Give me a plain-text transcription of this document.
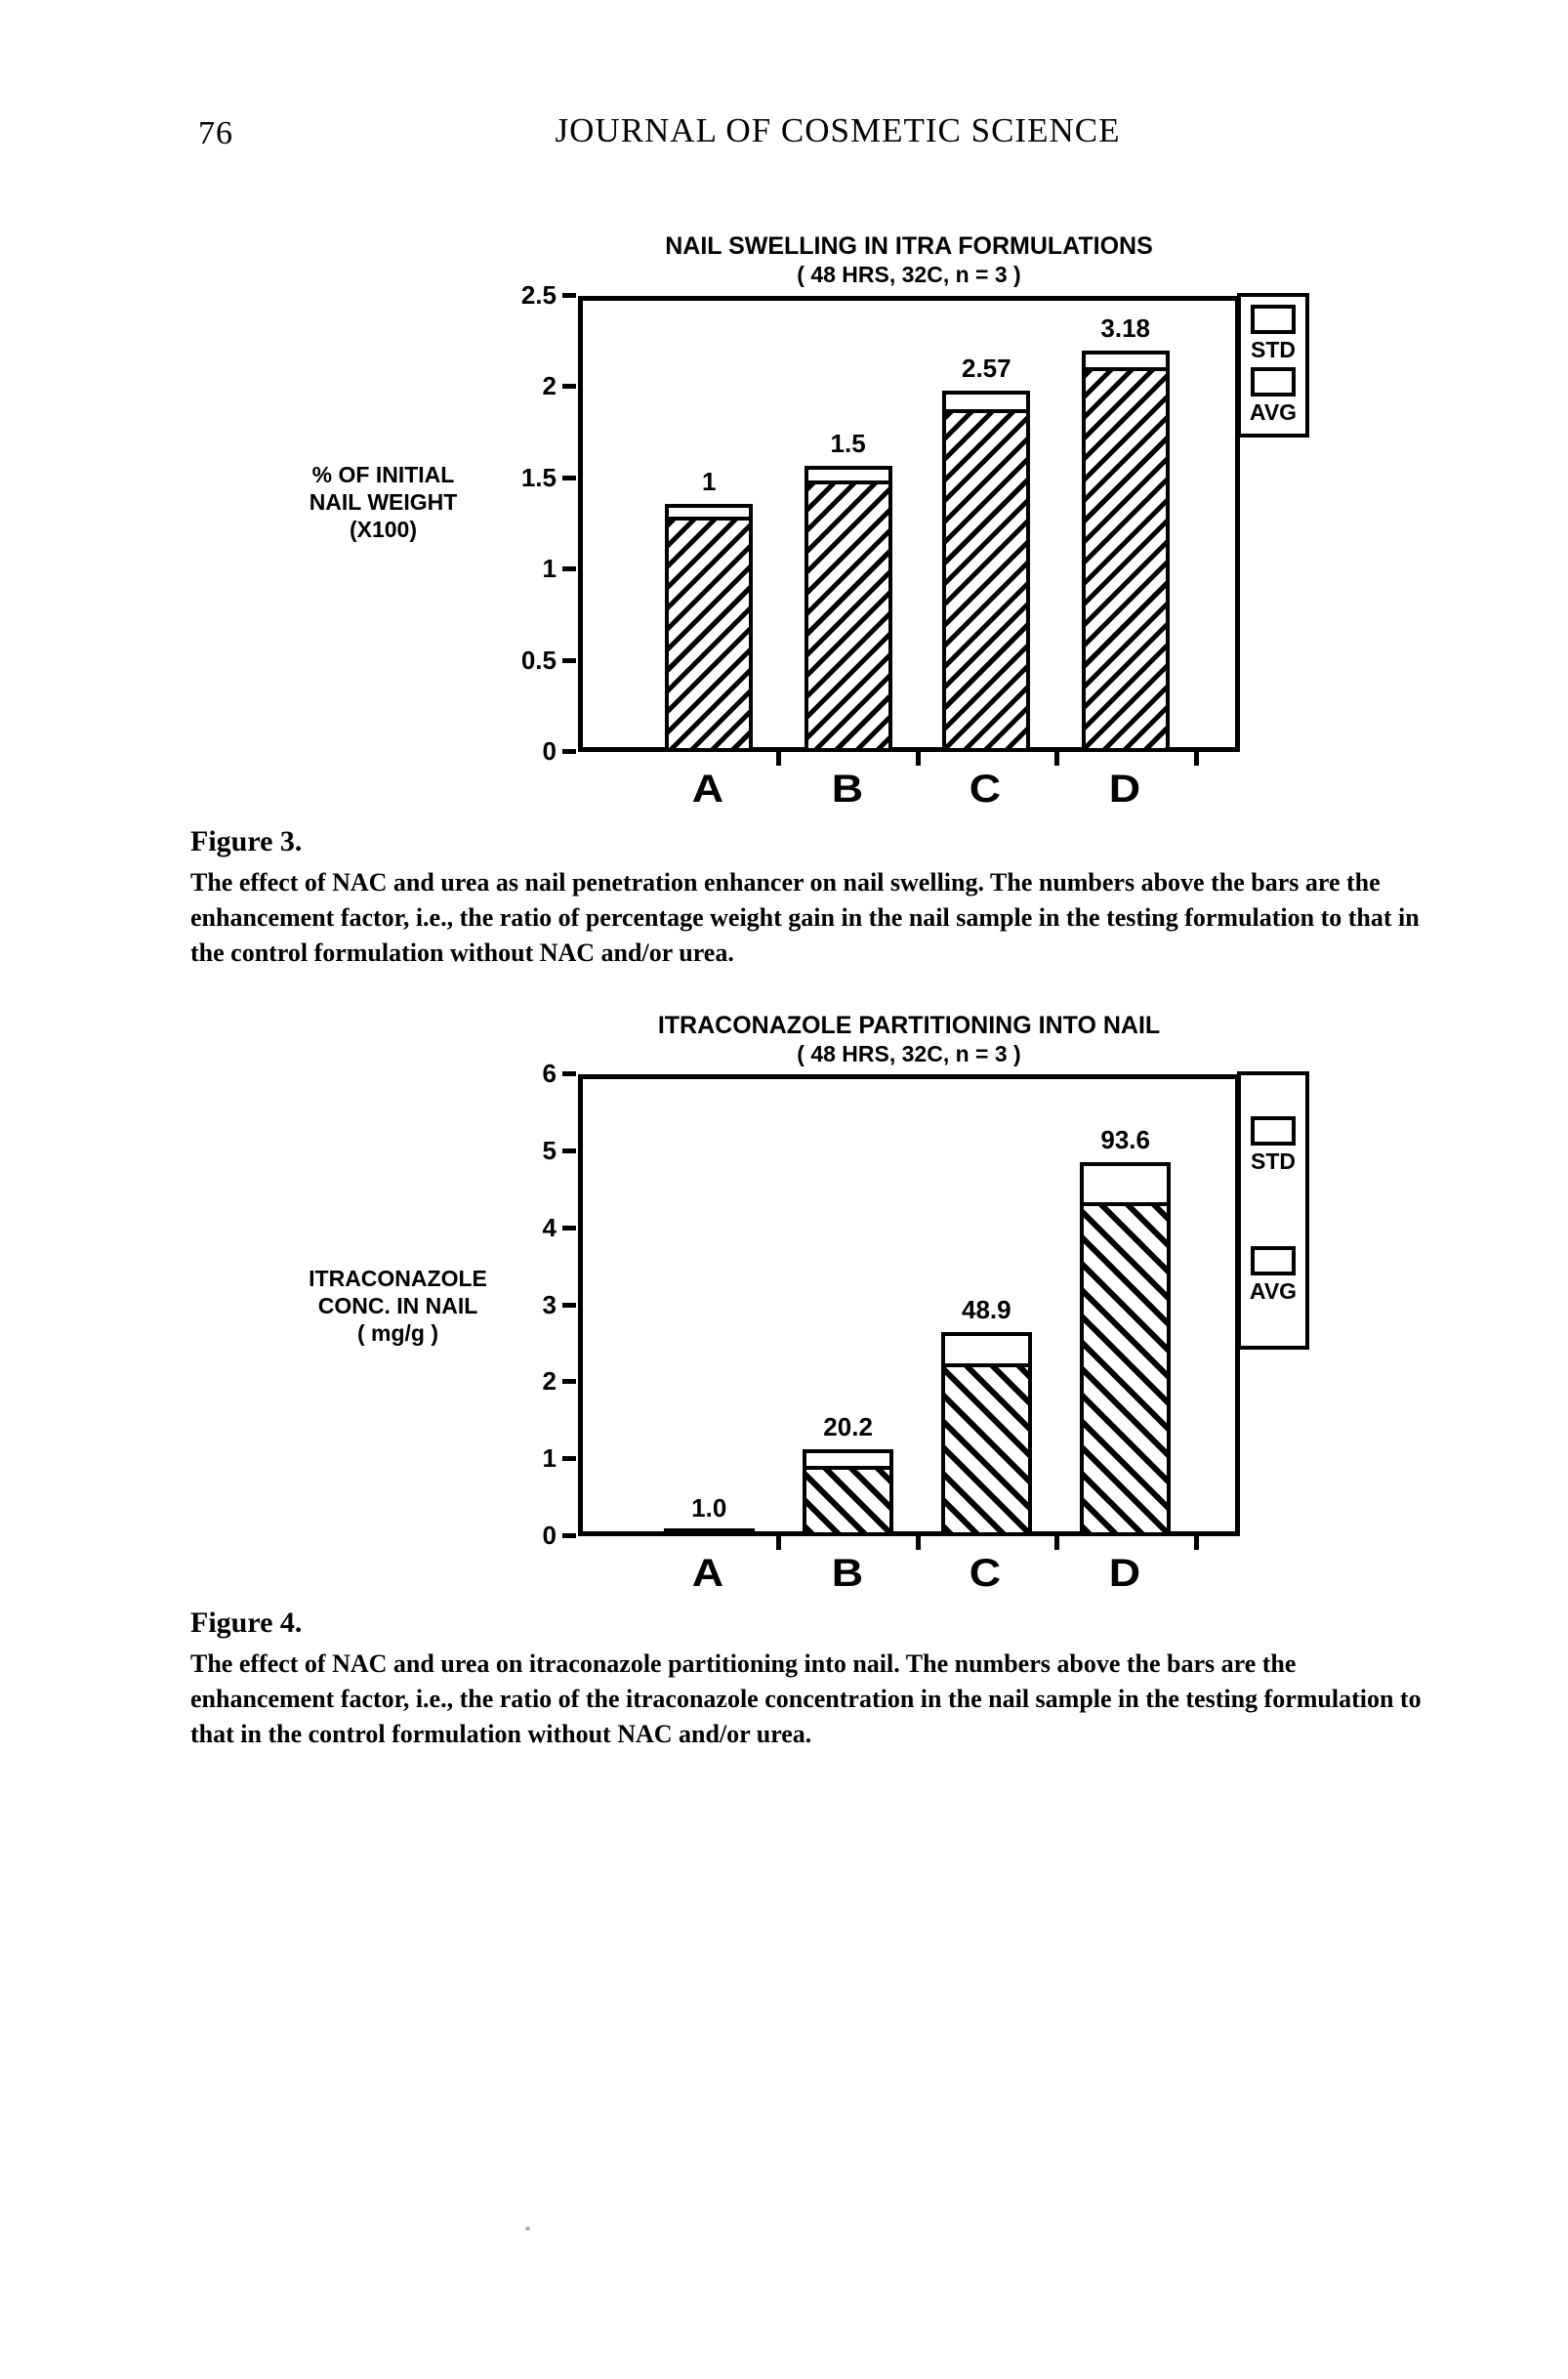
76	JOURNAL OF COSMETIC SCIENCE
NAIL SWELLING IN ITRA FORMULATIONS
( 48 HRS, 32C, n = 3 )
% OF INITIAL
NAIL WEIGHT
(X100)
0
0.5
1
1.5
2
2.5
1
A
1.5
B
2.57
C
3.18
D
STD
AVG
Figure 3.
The effect of NAC and urea as nail penetration enhancer on nail swelling. The numbers above the bars are the enhancement factor, i.e., the ratio of percentage weight gain in the nail sample in the testing formulation to that in the control formulation without NAC and/or urea.
ITRACONAZOLE PARTITIONING INTO NAIL
( 48 HRS, 32C, n = 3 )
ITRACONAZOLE
CONC. IN NAIL
( mg/g )
0
1
2
3
4
5
6
1.0
A
20.2
B
48.9
C
93.6
D
STD
AVG
Figure 4.
The effect of NAC and urea on itraconazole partitioning into nail. The numbers above the bars are the enhancement factor, i.e., the ratio of the itraconazole concentration in the nail sample in the testing formulation to that in the control formulation without NAC and/or urea.
